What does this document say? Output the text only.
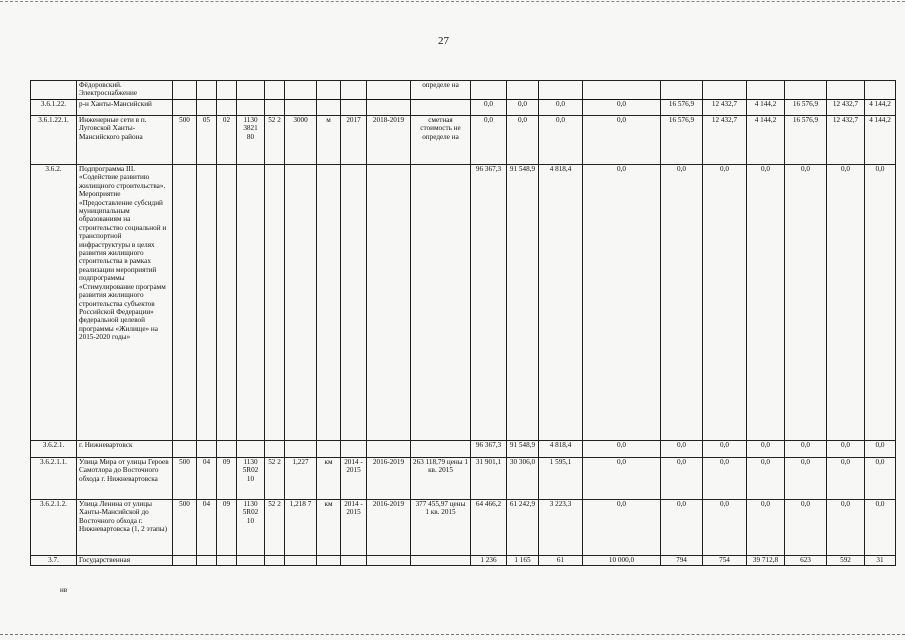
27
	Фёдоровский. Электроснабжение										определе на										
3.6.1.22.	р-н Ханты-Мансийский											0,0	0,0	0,0	0,0	16 576,9	12 432,7	4 144,2	16 576,9	12 432,7	4 144,2
3.6.1.22.1.	Инженерные сети в п. Луговской Ханты-Мансийского района	500	05	02	1130 3821 80	52 2	3000	м	2017	2018-2019	сметная стоимость не определе на	0,0	0,0	0,0	0,0	16 576,9	12 432,7	4 144,2	16 576,9	12 432,7	4 144,2
3.6.2.	Подпрограмма III. «Содействие развитию жилищного строительства». Мероприятие «Предоставление субсидий муниципальным образованиям на строительство социальной и транспортной инфраструктуры в целях развития жилищного строительства в рамках реализации мероприятий подпрограммы «Стимулирование программ развития жилищного строительства субъектов Российской Федерации» федеральной целевой программы «Жилище» на 2015-2020 годы»											96 367,3	91 548,9	4 818,4	0,0	0,0	0,0	0,0	0,0	0,0	0,0
3.6.2.1.	г. Нижневартовск											96 367,3	91 548,9	4 818,4	0,0	0,0	0,0	0,0	0,0	0,0	0,0
3.6.2.1.1.	Улица Мира от улицы Героев Самотлора до Восточного обхода г. Нижневартовска	500	04	09	1130 5R02 10	52 2	1,227	км	2014 - 2015	2016-2019	263 118,79 цены 1 кв. 2015	31 901,1	30 306,0	1 595,1	0,0	0,0	0,0	0,0	0,0	0,0	0,0
3.6.2.1.2.	Улица Ленина от улицы Ханты-Мансийской до Восточного обхода г. Нижневартовска (1, 2 этапы)	500	04	09	1130 5R02 10	52 2	1,218 7	км	2014 - 2015	2016-2019	377 455,97 цены 1 кв. 2015	64 466,2	61 242,9	3 223,3	0,0	0,0	0,0	0,0	0,0	0,0	0,0
3.7.	Государственная											1 236	1 165	61	10 000,0	794	754	39 712,8	623	592	31
нв
